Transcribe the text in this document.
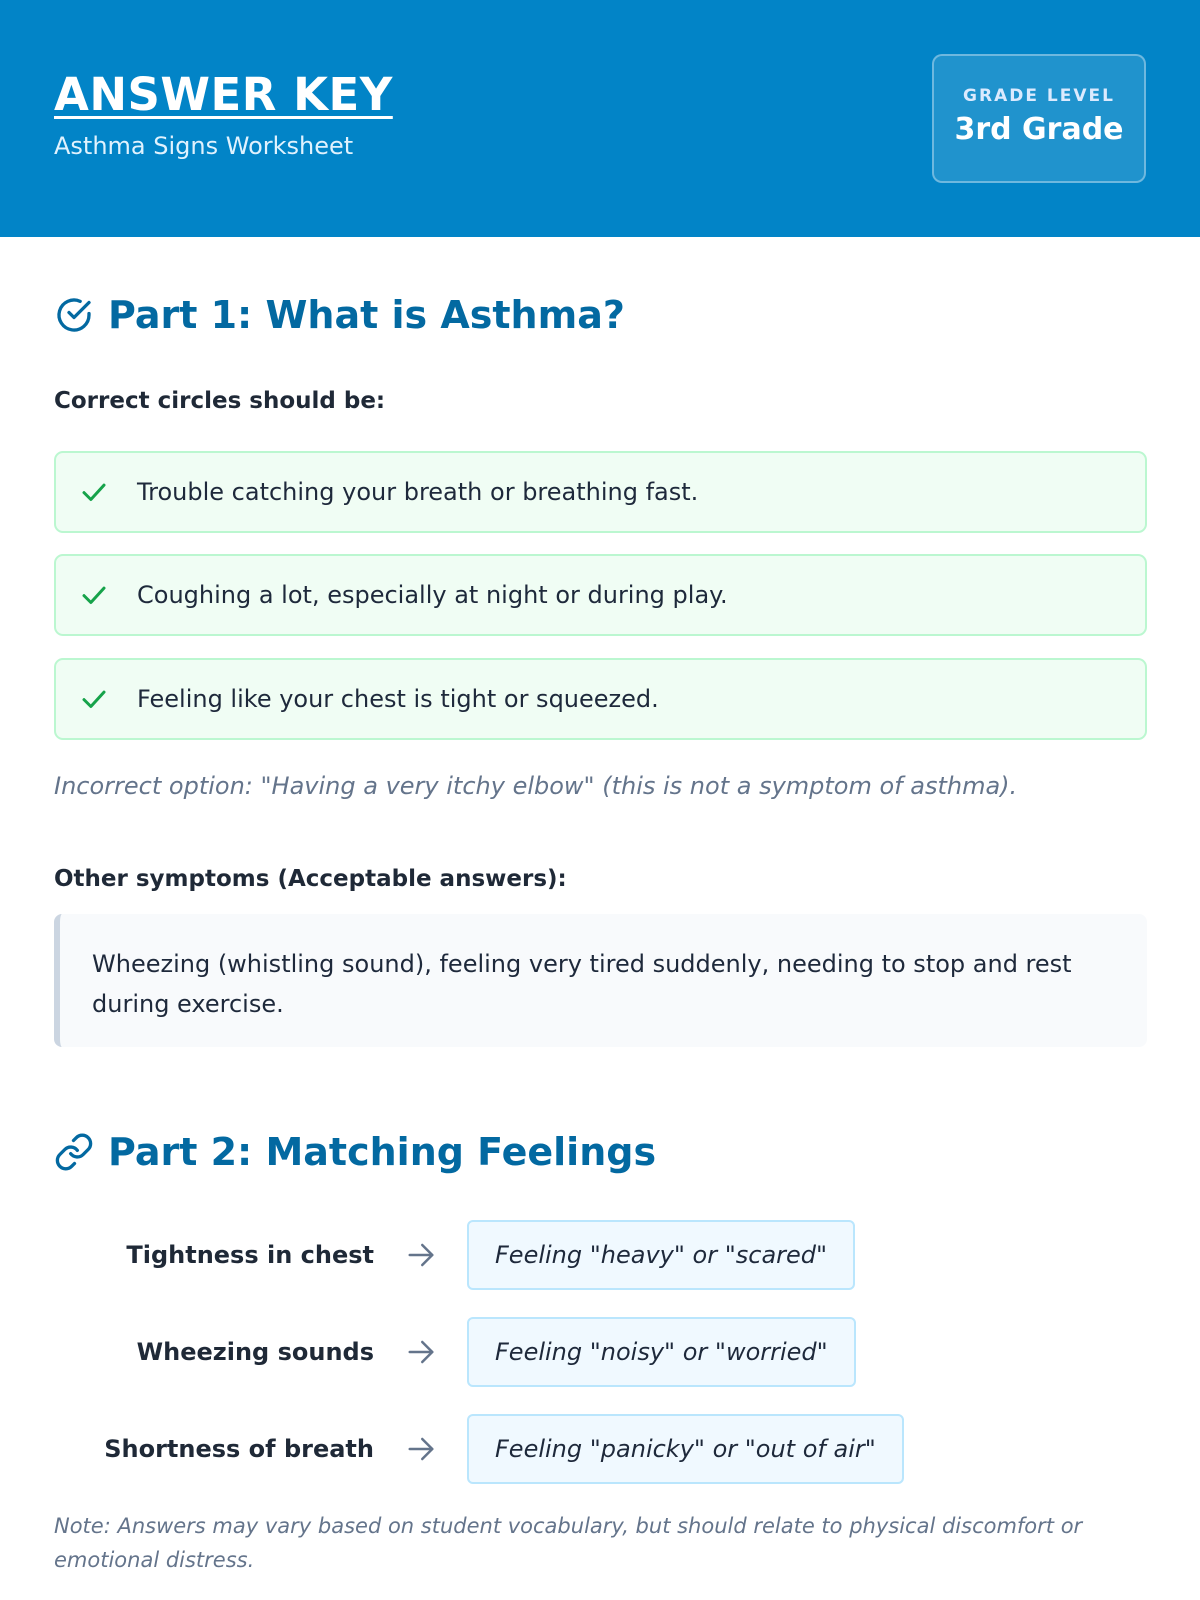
ANSWER KEY
Asthma Signs Worksheet
GRADE LEVEL
3rd Grade
Part 1: What is Asthma?
Correct circles should be:
Trouble catching your breath or breathing fast.
Coughing a lot, especially at night or during play.
Feeling like your chest is tight or squeezed.
Incorrect option: "Having a very itchy elbow" (this is not a symptom of asthma).
Other symptoms (Acceptable answers):
Wheezing (whistling sound), feeling very tired suddenly, needing to stop and rest during exercise.
Part 2: Matching Feelings
Tightness in chest	Feeling "heavy" or "scared"
Wheezing sounds	Feeling "noisy" or "worried"
Shortness of breath	Feeling "panicky" or "out of air"
Note: Answers may vary based on student vocabulary, but should relate to physical discomfort or emotional distress.
